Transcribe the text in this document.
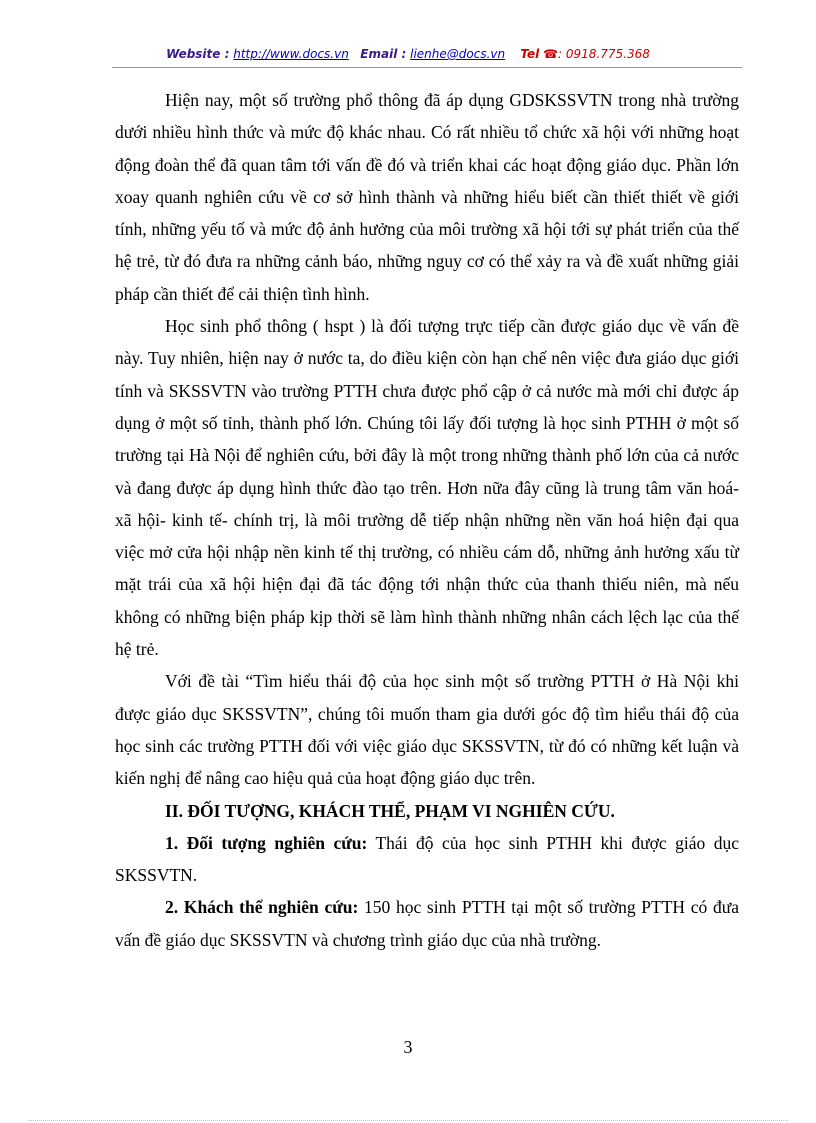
Website : http://www.docs.vn Email : lienhe@docs.vn Tel ☎: 0918.775.368

Hiện nay, một số trường phổ thông đã áp dụng GDSKSSVTN trong nhà trường dưới nhiều hình thức và mức độ khác nhau. Có rất nhiều tổ chức xã hội với những hoạt động đoàn thể đã quan tâm tới vấn đề đó và triển khai các hoạt động giáo dục. Phần lớn xoay quanh nghiên cứu về cơ sở hình thành và những hiểu biết cần thiết thiết về giới tính, những yếu tố và mức độ ảnh hưởng của môi trường xã hội tới sự phát triển của thế hệ trẻ, từ đó đưa ra những cảnh báo, những nguy cơ có thể xảy ra và đề xuất những giải pháp cần thiết để cải thiện tình hình.

Học sinh phổ thông ( hspt ) là đối tượng trực tiếp cần được giáo dục về vấn đề này. Tuy nhiên, hiện nay ở nước ta, do điều kiện còn hạn chế nên việc đưa giáo dục giới tính và SKSSVTN vào trường PTTH chưa được phổ cập ở cả nước mà mới chỉ được áp dụng ở một số tỉnh, thành phố lớn. Chúng tôi lấy đối tượng là học sinh PTHH ở một số trường tại Hà Nội để nghiên cứu, bởi đây là một trong những thành phố lớn của cả nước và đang được áp dụng hình thức đào tạo trên. Hơn nữa đây cũng là trung tâm văn hoá- xã hội- kinh tế- chính trị, là môi trường dễ tiếp nhận những nền văn hoá hiện đại qua việc mở cửa hội nhập nền kinh tế thị trường, có nhiều cám dỗ, những ảnh hưởng xấu từ mặt trái của xã hội hiện đại đã tác động tới nhận thức của thanh thiếu niên, mà nếu không có những biện pháp kịp thời sẽ làm hình thành những nhân cách lệch lạc của thế hệ trẻ.

Với đề tài “Tìm hiểu thái độ của học sinh một số trường PTTH ở Hà Nội khi được giáo dục SKSSVTN”, chúng tôi muốn tham gia dưới góc độ tìm hiểu thái độ của học sinh các trường PTTH đối với việc giáo dục SKSSVTN, từ đó có những kết luận và kiến nghị để nâng cao hiệu quả của hoạt động giáo dục trên.

II. ĐỐI TƯỢNG, KHÁCH THỂ, PHẠM VI NGHIÊN CỨU.

1. Đối tượng nghiên cứu: Thái độ của học sinh PTHH khi được giáo dục SKSSVTN.

2. Khách thể nghiên cứu: 150 học sinh PTTH tại một số trường PTTH có đưa vấn đề giáo dục SKSSVTN và chương trình giáo dục của nhà trường.

3
